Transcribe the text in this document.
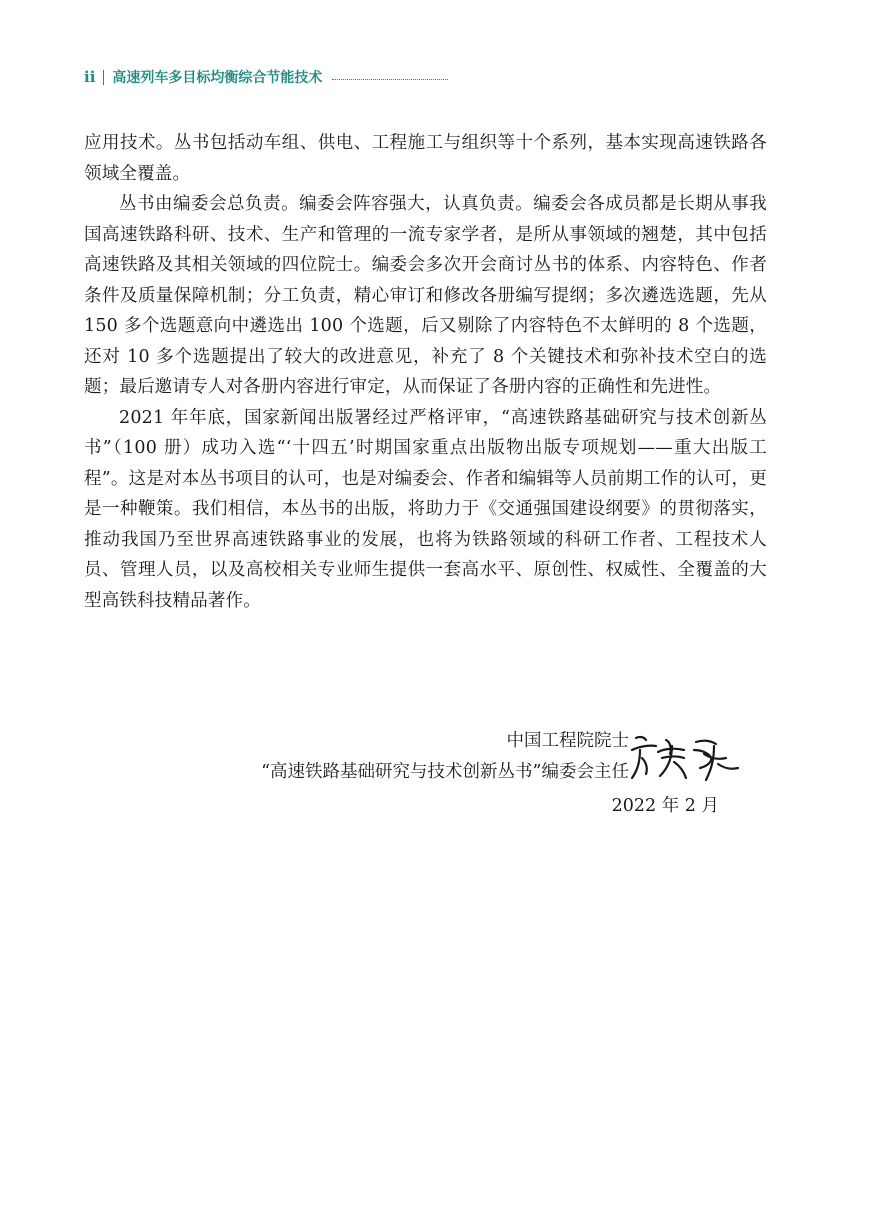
ii 高速列车多目标均衡综合节能技术

应用技术。丛书包括动车组、供电、工程施工与组织等十个系列，基本实现高速铁路各领域全覆盖。

丛书由编委会总负责。编委会阵容强大，认真负责。编委会各成员都是长期从事我国高速铁路科研、技术、生产和管理的一流专家学者，是所从事领域的翘楚，其中包括高速铁路及其相关领域的四位院士。编委会多次开会商讨丛书的体系、内容特色、作者条件及质量保障机制；分工负责，精心审订和修改各册编写提纲；多次遴选选题，先从 150 多个选题意向中遴选出 100 个选题，后又剔除了内容特色不太鲜明的 8 个选题，还对 10 多个选题提出了较大的改进意见，补充了 8 个关键技术和弥补技术空白的选题；最后邀请专人对各册内容进行审定，从而保证了各册内容的正确性和先进性。

2021 年年底，国家新闻出版署经过严格评审，“高速铁路基础研究与技术创新丛书”（100 册）成功入选“‘十四五’时期国家重点出版物出版专项规划——重大出版工程”。这是对本丛书项目的认可，也是对编委会、作者和编辑等人员前期工作的认可，更是一种鞭策。我们相信，本丛书的出版，将助力于《交通强国建设纲要》的贯彻落实，推动我国乃至世界高速铁路事业的发展，也将为铁路领域的科研工作者、工程技术人员、管理人员，以及高校相关专业师生提供一套高水平、原创性、权威性、全覆盖的大型高铁科技精品著作。

中国工程院院士
“高速铁路基础研究与技术创新丛书”编委会主任
2022 年 2 月
